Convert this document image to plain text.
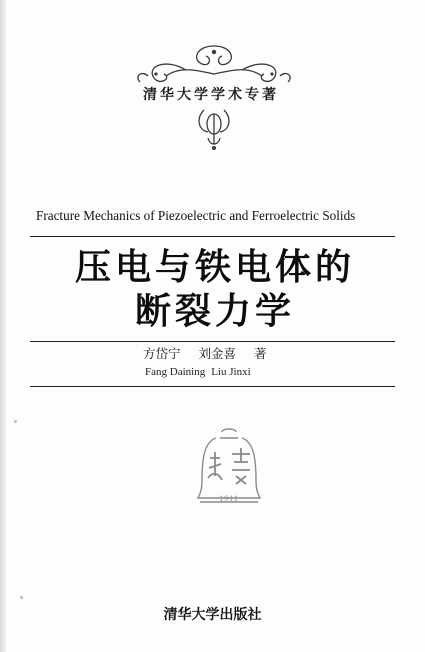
清华大学学术专著
Fracture Mechanics of Piezoelectric and Ferroelectric Solids
压电与铁电体的
断裂力学
方岱宁 刘金喜 著
Fang Daining Liu Jinxi
1911
清华大学出版社
